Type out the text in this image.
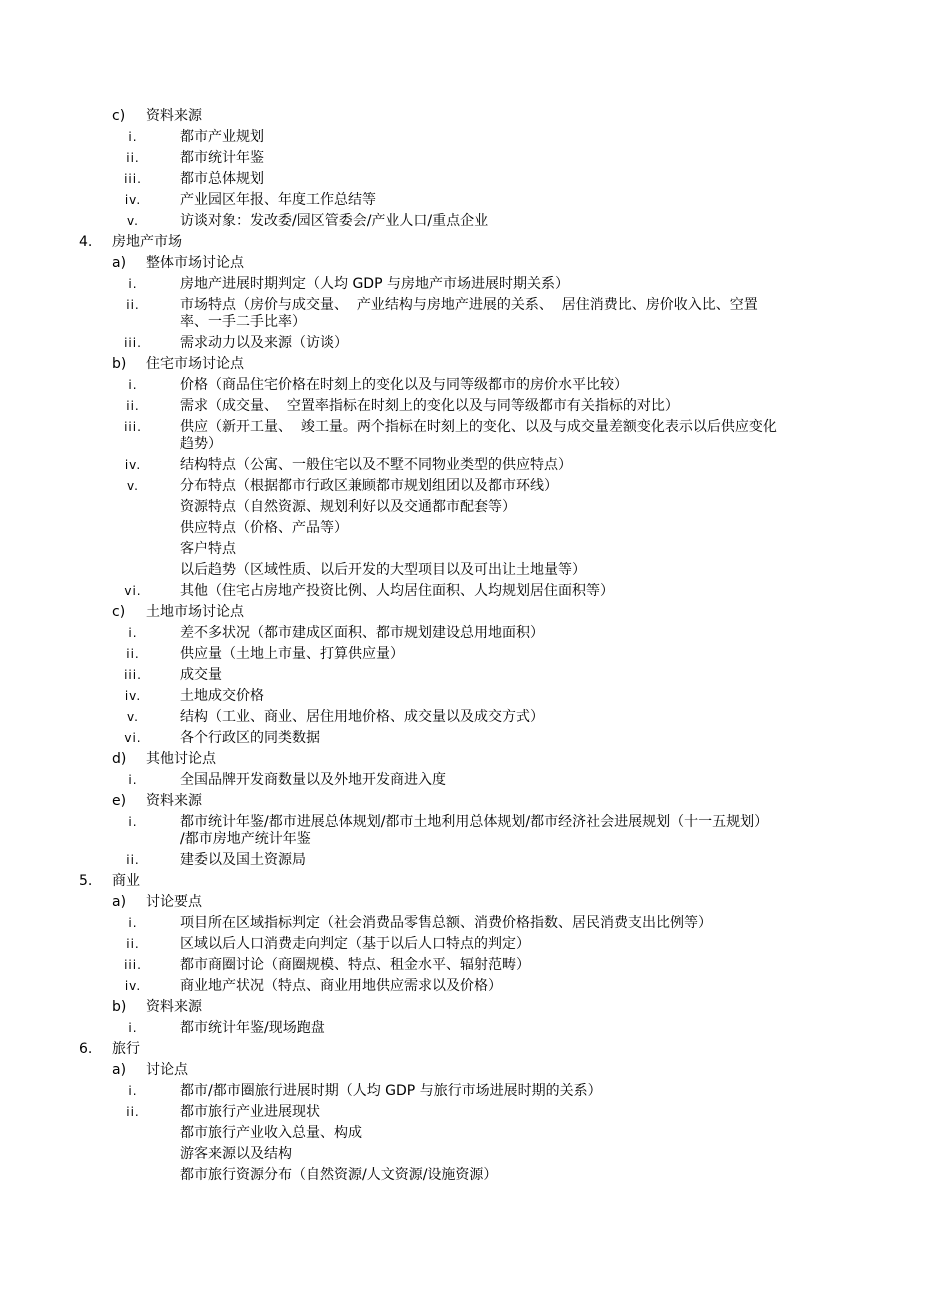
c) 资料来源
i.	都市产业规划
ii.	都市统计年鉴
iii.	都市总体规划
iv.	产业园区年报、年度工作总结等
v.	访谈对象：发改委/园区管委会/产业人口/重点企业
4. 房地产市场
a) 整体市场讨论点
i.	房地产进展时期判定（人均 GDP 与房地产市场进展时期关系）
ii.	市场特点（房价与成交量、  产业结构与房地产进展的关系、  居住消费比、房价收入比、空置
率、一手二手比率）
iii.	需求动力以及来源（访谈）
b) 住宅市场讨论点
i.	价格（商品住宅价格在时刻上的变化以及与同等级都市的房价水平比较）
ii.	需求（成交量、  空置率指标在时刻上的变化以及与同等级都市有关指标的对比）
iii.	供应（新开工量、  竣工量。两个指标在时刻上的变化、以及与成交量差额变化表示以后供应变化
趋势）
iv.	结构特点（公寓、一般住宅以及不墅不同物业类型的供应特点）
v.	分布特点（根据都市行政区兼顾都市规划组团以及都市环线）
资源特点（自然资源、规划利好以及交通都市配套等）
供应特点（价格、产品等）
客户特点
以后趋势（区域性质、以后开发的大型项目以及可出让土地量等）
vi.	其他（住宅占房地产投资比例、人均居住面积、人均规划居住面积等）
c) 土地市场讨论点
i.	差不多状况（都市建成区面积、都市规划建设总用地面积）
ii.	供应量（土地上市量、打算供应量）
iii.	成交量
iv.	土地成交价格
v.	结构（工业、商业、居住用地价格、成交量以及成交方式）
vi.	各个行政区的同类数据
d) 其他讨论点
i.	全国品牌开发商数量以及外地开发商进入度
e) 资料来源
i.	都市统计年鉴/都市进展总体规划/都市土地利用总体规划/都市经济社会进展规划（十一五规划）
/都市房地产统计年鉴
ii.	建委以及国土资源局
5. 商业
a) 讨论要点
i.	项目所在区域指标判定（社会消费品零售总额、消费价格指数、居民消费支出比例等）
ii.	区域以后人口消费走向判定（基于以后人口特点的判定）
iii.	都市商圈讨论（商圈规模、特点、租金水平、辐射范畴）
iv.	商业地产状况（特点、商业用地供应需求以及价格）
b) 资料来源
i.	都市统计年鉴/现场跑盘
6. 旅行
a) 讨论点
i.	都市/都市圈旅行进展时期（人均 GDP 与旅行市场进展时期的关系）
ii.	都市旅行产业进展现状
都市旅行产业收入总量、构成
游客来源以及结构
都市旅行资源分布（自然资源/人文资源/设施资源）
